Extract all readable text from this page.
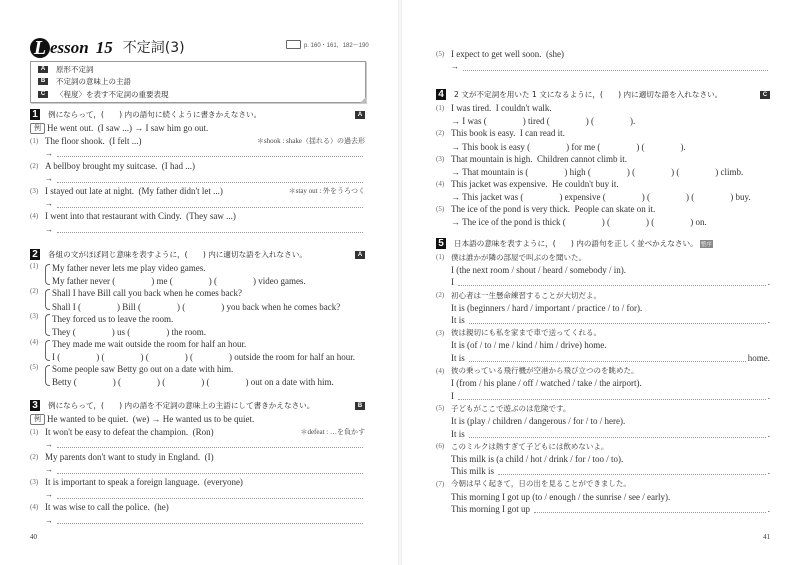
L esson 15 不定詞(3)	p. 160・161，182～190
A	原形不定詞
B	不定詞の意味上の主語
C	〈程度〉を表す不定詞の重要表現
1 例にならって，(　　) 内の語句に続くように書きかえなさい。	A
例 He went out.  (I saw ...) → I saw him go out.
(1) The floor shook.  (I felt ...)	＊shook : shake（揺れる）の過去形
→
(2) A bellboy brought my suitcase.  (I had ...)
→
(3) I stayed out late at night.  (My father didn't let ...)	＊stay out : 外をうろつく
→
(4) I went into that restaurant with Cindy.  (They saw ...)
→
2 各組の文がほぼ同じ意味を表すように，(　　) 内に適切な語を入れなさい。	A
(1)	My father never lets me play video games.
My father never (　　　　) me (　　　　) (　　　　) video games.
(2)	Shall I have Bill call you back when he comes back?
Shall I (　　　　) Bill (　　　　) (　　　　) you back when he comes back?
(3)	They forced us to leave the room.
They (　　　　) us (　　　　) the room.
(4)	They made me wait outside the room for half an hour.
I (　　　　) (　　　　) (　　　　) (　　　　) outside the room for half an hour.
(5)	Some people saw Betty go out on a date with him.
Betty (　　　　) (　　　　) (　　　　) (　　　　) out on a date with him.
3 例にならって，(　　) 内の語を不定詞の意味上の主語にして書きかえなさい。	B
例 He wanted to be quiet.  (we) → He wanted us to be quiet.
(1) It won't be easy to defeat the champion.  (Ron)	＊defeat : …を負かす
→
(2) My parents don't want to study in England.  (I)
→
(3) It is important to speak a foreign language.  (everyone)
→
(4) It was wise to call the police.  (he)
→
40
(5) I expect to get well soon.  (she)
→
4 2 文が不定詞を用いた 1 文になるように，(　　) 内に適切な語を入れなさい。	C
(1) I was tired.  I couldn't walk.
→ I was (　　　　) tired (　　　　) (　　　　).
(2) This book is easy.  I can read it.
→ This book is easy (　　　　) for me (　　　　) (　　　　).
(3) That mountain is high.  Children cannot climb it.
→ That mountain is (　　　　) high (　　　　) (　　　　) (　　　　) climb.
(4) This jacket was expensive.  He couldn't buy it.
→ This jacket was (　　　　) expensive (　　　　) (　　　　) (　　　　) buy.
(5) The ice of the pond is very thick.  People can skate on it.
→ The ice of the pond is thick (　　　　) (　　　　) (　　　　) on.
5 日本語の意味を表すように，(　　) 内の語句を正しく並べかえなさい。 整序
(1) 僕は誰かが隣の部屋で叫ぶのを聞いた。
I (the next room / shout / heard / somebody / in).
I	.
(2) 初心者は一生懸命練習することが大切だよ。
It is (beginners / hard / important / practice / to / for).
It is	.
(3) 彼は親切にも私を家まで車で送ってくれる。
It is (of / to / me / kind / him / drive) home.
It is	home.
(4) 彼の乗っている飛行機が空港から飛び立つのを眺めた。
I (from / his plane / off / watched / take / the airport).
I	.
(5) 子どもがここで遊ぶのは危険です。
It is (play / children / dangerous / for / to / here).
It is	.
(6) このミルクは熱すぎて子どもには飲めないよ。
This milk is (a child / hot / drink / for / too / to).
This milk is	.
(7) 今朝は早く起きて，日の出を見ることができました。
This morning I got up (to / enough / the sunrise / see / early).
This morning I got up	.
41
